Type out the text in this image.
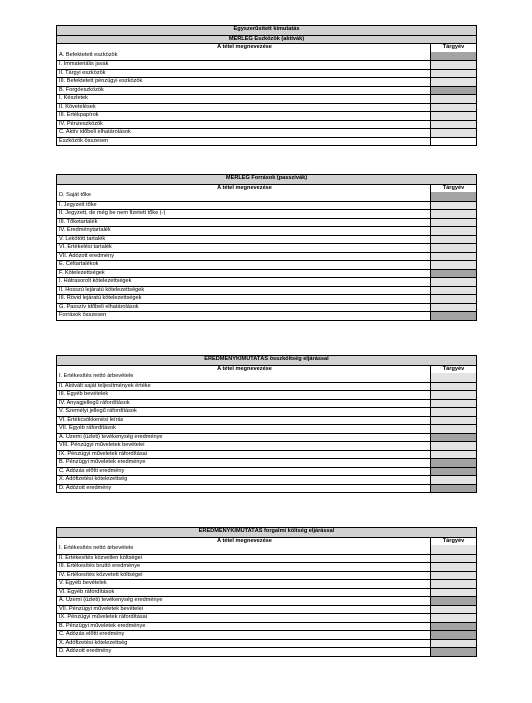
Egyszerűsített kimutatás
MÉRLEG Eszközök (aktívák)
A tétel megnevezése	Tárgyév
A. Befektetett eszközök
I. Immateriális javak
II. Tárgyi eszközök
III. Befektetett pénzügyi eszközök
B. Forgóeszközök
I. Készletek
II. Követelések
III. Értékpapírok
IV. Pénzeszközök
C. Aktív időbeli elhatárolások
Eszközök összesen
MÉRLEG Források (passzívák)
A tétel megnevezése	Tárgyév
D. Saját tőke
I. Jegyzett tőke
II. Jegyzett, de még be nem fizetett tőke (-)
III. Tőketartalék
IV. Eredménytartalék
V. Lekötött tartalék
VI. Értékelési tartalék
VII. Adózott eredmény
E. Céltartalékok
F. Kötelezettségek
I. Hátrasorolt kötelezettségek
II. Hosszú lejáratú kötelezettségek
III. Rövid lejáratú kötelezettségek
G. Passzív időbeli elhatárolások
Források összesen
EREDMÉNYKIMUTATÁS összköltség eljárással
A tétel megnevezése	Tárgyév
I. Értékesítés nettó árbevétele
II. Aktivált saját teljesítmények értéke
III. Egyéb bevételek
IV. Anyagjellegű ráfordítások
V. Személyi jellegű ráfordítások
VI. Értékcsökkenési leírás
VII. Egyéb ráfordítások
A. Üzemi (üzleti) tevékenység eredménye
VIII. Pénzügyi műveletek bevételei
IX. Pénzügyi műveletek ráfordításai
B. Pénzügyi műveletek eredménye
C. Adózás előtti eredmény
X. Adófizetési kötelezettség
D. Adózott eredmény
EREDMÉNYKIMUTATÁS forgalmi költség eljárással
A tétel megnevezése	Tárgyév
I. Értékesítés nettó árbevétele
II. Értékesítés közvetlen költségei
III. Értékesítés bruttó eredménye
IV. Értékesítés közvetett költségei
V. Egyéb bevételek
VI. Egyéb ráfordítások
A. Üzemi (üzleti) tevékenység eredménye
VII. Pénzügyi műveletek bevételei
IX. Pénzügyi műveletek ráfordításai
B. Pénzügyi műveletek eredménye
C. Adózás előtti eredmény
X. Adófizetési kötelezettség
D. Adózott eredmény
